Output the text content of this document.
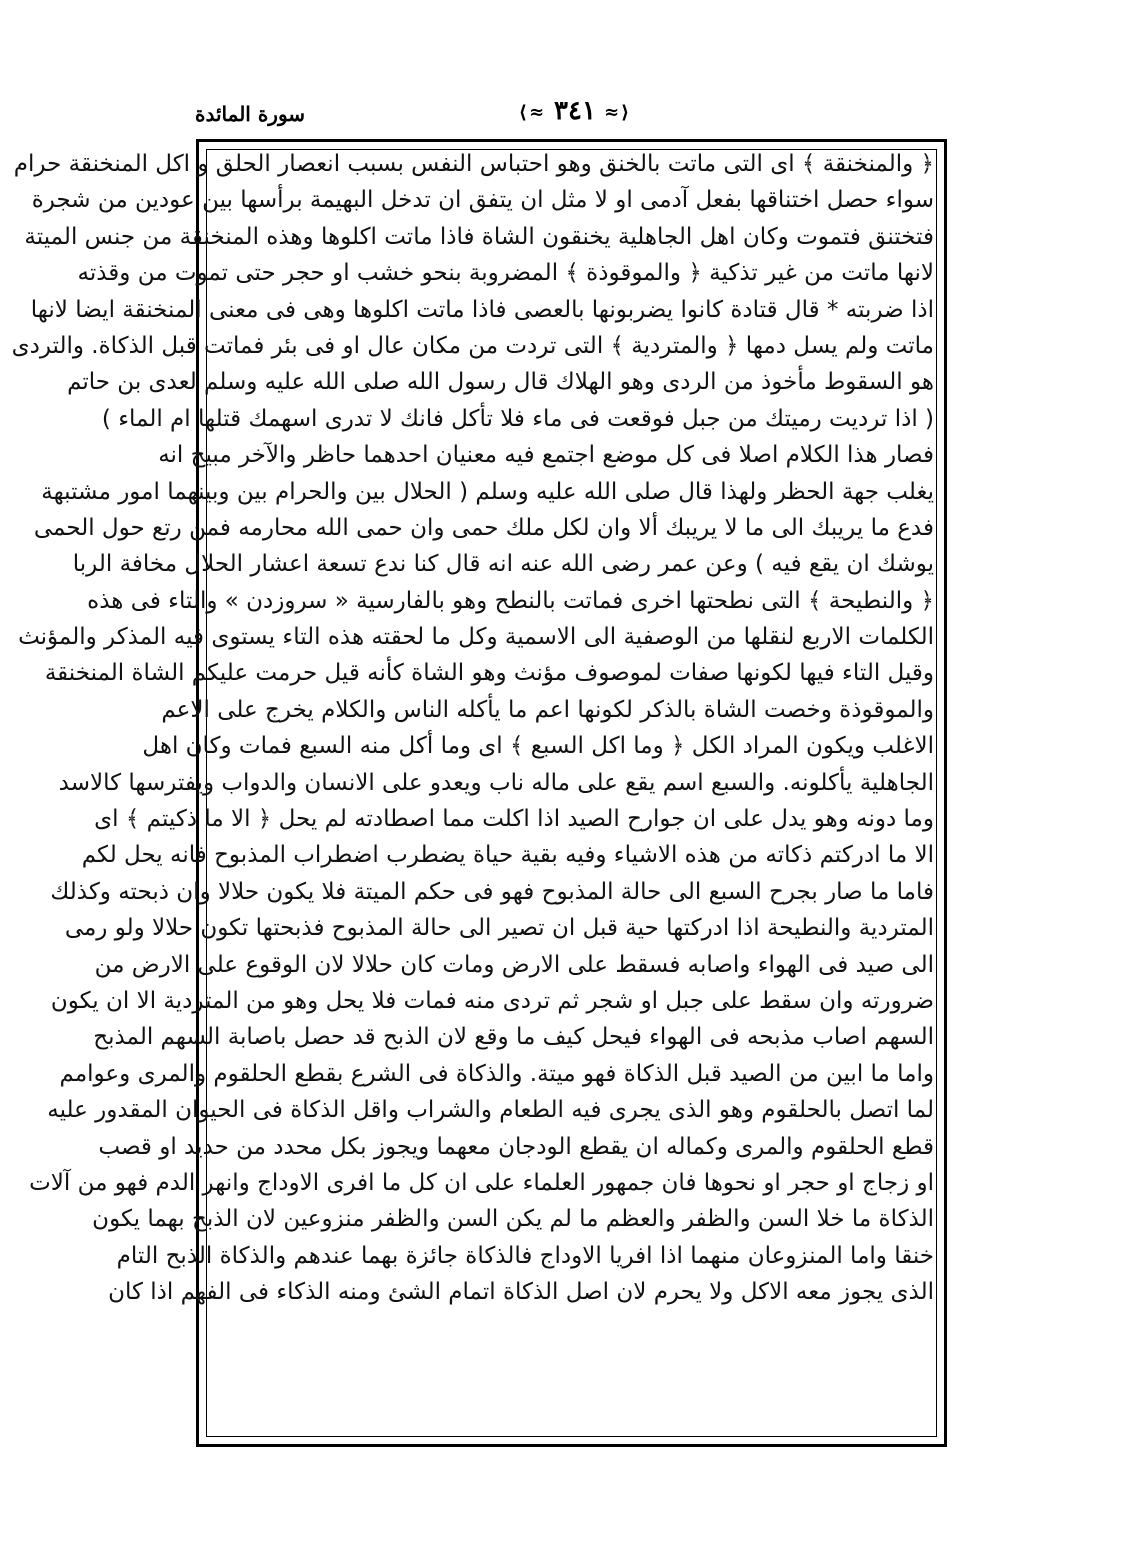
⟨≈٣٤١≈⟩
سورة المائدة
﴿ والمنخنقة ﴾ اى التى ماتت بالخنق وهو احتباس النفس بسبب انعصار الحلق و اكل المنخنقة حرام
سواء حصل اختناقها بفعل آدمى او لا مثل ان يتفق ان تدخل البهيمة برأسها بين عودين من شجرة
فتختنق فتموت وكان اهل الجاهلية يخنقون الشاة فاذا ماتت اكلوها وهذه المنخنقة من جنس الميتة
لانها ماتت من غير تذكية ﴿ والموقوذة ﴾ المضروبة بنحو خشب او حجر حتى تموت من وقذته
اذا ضربته * قال قتادة كانوا يضربونها بالعصى فاذا ماتت اكلوها وهى فى معنى المنخنقة ايضا لانها
ماتت ولم يسل دمها ﴿ والمتردية ﴾ التى تردت من مكان عال او فى بئر فماتت قبل الذكاة. والتردى
هو السقوط مأخوذ من الردى وهو الهلاك قال رسول الله صلى الله عليه وسلم لعدى بن حاتم
( اذا ترديت رميتك من جبل فوقعت فى ماء فلا تأكل فانك لا تدرى اسهمك قتلها ام الماء )
فصار هذا الكلام اصلا فى كل موضع اجتمع فيه معنيان احدهما حاظر والآخر مبيح انه
يغلب جهة الحظر ولهذا قال صلى الله عليه وسلم ( الحلال بين والحرام بين وبينهما امور مشتبهة
فدع ما يريبك الى ما لا يريبك ألا وان لكل ملك حمى وان حمى الله محارمه فمن رتع حول الحمى
يوشك ان يقع فيه ) وعن عمر رضى الله عنه انه قال كنا ندع تسعة اعشار الحلال مخافة الربا
﴿ والنطيحة ﴾ التى نطحتها اخرى فماتت بالنطح وهو بالفارسية « سروزدن » والتاء فى هذه
الكلمات الاربع لنقلها من الوصفية الى الاسمية وكل ما لحقته هذه التاء يستوى فيه المذكر والمؤنث
وقيل التاء فيها لكونها صفات لموصوف مؤنث وهو الشاة كأنه قيل حرمت عليكم الشاة المنخنقة
والموقوذة وخصت الشاة بالذكر لكونها اعم ما يأكله الناس والكلام يخرج على الاعم
الاغلب ويكون المراد الكل ﴿ وما اكل السبع ﴾ اى وما أكل منه السبع فمات وكان اهل
الجاهلية يأكلونه. والسبع اسم يقع على ماله ناب ويعدو على الانسان والدواب ويفترسها كالاسد
وما دونه وهو يدل على ان جوارح الصيد اذا اكلت مما اصطادته لم يحل ﴿ الا ما ذكيتم ﴾ اى
الا ما ادركتم ذكاته من هذه الاشياء وفيه بقية حياة يضطرب اضطراب المذبوح فانه يحل لكم
فاما ما صار بجرح السبع الى حالة المذبوح فهو فى حكم الميتة فلا يكون حلالا وان ذبحته وكذلك
المتردية والنطيحة اذا ادركتها حية قبل ان تصير الى حالة المذبوح فذبحتها تكون حلالا ولو رمى
الى صيد فى الهواء واصابه فسقط على الارض ومات كان حلالا لان الوقوع على الارض من
ضرورته وان سقط على جبل او شجر ثم تردى منه فمات فلا يحل وهو من المتردية الا ان يكون
السهم اصاب مذبحه فى الهواء فيحل كيف ما وقع لان الذبح قد حصل باصابة السهم المذبح
واما ما ابين من الصيد قبل الذكاة فهو ميتة. والذكاة فى الشرع بقطع الحلقوم والمرى وعوامم
لما اتصل بالحلقوم وهو الذى يجرى فيه الطعام والشراب واقل الذكاة فى الحيوان المقدور عليه
قطع الحلقوم والمرى وكماله ان يقطع الودجان معهما ويجوز بكل محدد من حديد او قصب
او زجاج او حجر او نحوها فان جمهور العلماء على ان كل ما افرى الاوداج وانهر الدم فهو من آلات
الذكاة ما خلا السن والظفر والعظم ما لم يكن السن والظفر منزوعين لان الذبح بهما يكون
خنقا واما المنزوعان منهما اذا افريا الاوداج فالذكاة جائزة بهما عندهم والذكاة الذبح التام
الذى يجوز معه الاكل ولا يحرم لان اصل الذكاة اتمام الشئ ومنه الذكاء فى الفهم اذا كان
